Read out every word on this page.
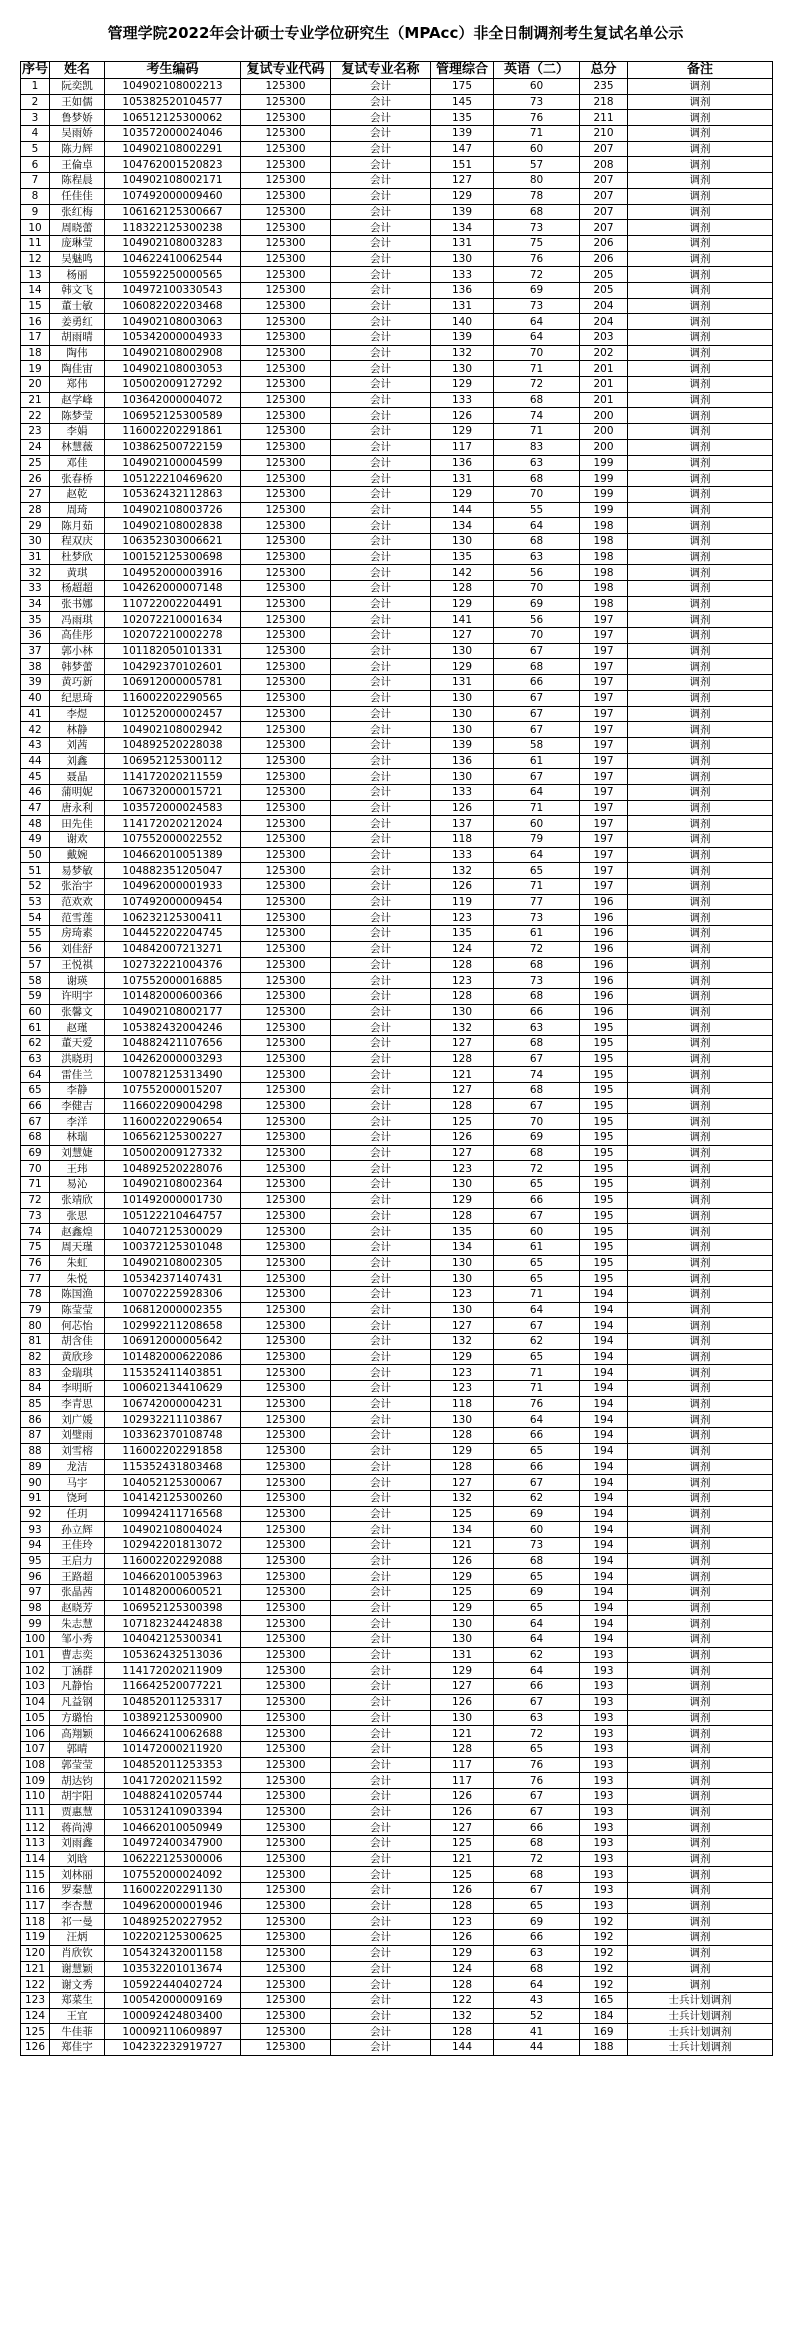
管理学院2022年会计硕士专业学位研究生（MPAcc）非全日制调剂考生复试名单公示
序号	姓名	考生编码	复试专业代码	复试专业名称	管理综合	英语（二）	总分	备注
1	阮奕凯	104902108002213	125300	会计	175	60	235	调剂
2	王如儒	105382520104577	125300	会计	145	73	218	调剂
3	鲁梦娇	106512125300062	125300	会计	135	76	211	调剂
4	吴雨娇	103572000024046	125300	会计	139	71	210	调剂
5	陈力辉	104902108002291	125300	会计	147	60	207	调剂
6	王倫卓	104762001520823	125300	会计	151	57	208	调剂
7	陈程晨	104902108002171	125300	会计	127	80	207	调剂
8	任佳佳	107492000009460	125300	会计	129	78	207	调剂
9	张红梅	106162125300667	125300	会计	139	68	207	调剂
10	周晓蕾	118322125300238	125300	会计	134	73	207	调剂
11	庞琳莹	104902108003283	125300	会计	131	75	206	调剂
12	吴魅鸣	104622410062544	125300	会计	130	76	206	调剂
13	杨丽	105592250000565	125300	会计	133	72	205	调剂
14	韩文飞	104972100330543	125300	会计	136	69	205	调剂
15	董士敏	106082202203468	125300	会计	131	73	204	调剂
16	姜勇红	104902108003063	125300	会计	140	64	204	调剂
17	胡雨晴	105342000004933	125300	会计	139	64	203	调剂
18	陶伟	104902108002908	125300	会计	132	70	202	调剂
19	陶佳宙	104902108003053	125300	会计	130	71	201	调剂
20	郑伟	105002009127292	125300	会计	129	72	201	调剂
21	赵学峰	103642000004072	125300	会计	133	68	201	调剂
22	陈梦莹	106952125300589	125300	会计	126	74	200	调剂
23	李娟	116002202291861	125300	会计	129	71	200	调剂
24	林慧薇	103862500722159	125300	会计	117	83	200	调剂
25	邓佳	104902100004599	125300	会计	136	63	199	调剂
26	张春桥	105122210469620	125300	会计	131	68	199	调剂
27	赵乾	105362432112863	125300	会计	129	70	199	调剂
28	周琦	104902108003726	125300	会计	144	55	199	调剂
29	陈月茹	104902108002838	125300	会计	134	64	198	调剂
30	程双庆	106352303006621	125300	会计	130	68	198	调剂
31	杜梦欣	100152125300698	125300	会计	135	63	198	调剂
32	黄琪	104952000003916	125300	会计	142	56	198	调剂
33	杨超超	104262000007148	125300	会计	128	70	198	调剂
34	张书娜	110722002204491	125300	会计	129	69	198	调剂
35	冯雨琪	102072210001634	125300	会计	141	56	197	调剂
36	高佳彤	102072210002278	125300	会计	127	70	197	调剂
37	郭小林	101182050101331	125300	会计	130	67	197	调剂
38	韩梦蕾	104292370102601	125300	会计	129	68	197	调剂
39	黄巧新	106912000005781	125300	会计	131	66	197	调剂
40	纪思琦	116002202290565	125300	会计	130	67	197	调剂
41	李煜	101252000002457	125300	会计	130	67	197	调剂
42	林静	104902108002942	125300	会计	130	67	197	调剂
43	刘茜	104892520228038	125300	会计	139	58	197	调剂
44	刘鑫	106952125300112	125300	会计	136	61	197	调剂
45	聂晶	114172020211559	125300	会计	130	67	197	调剂
46	蒲明妮	106732000015721	125300	会计	133	64	197	调剂
47	唐永利	103572000024583	125300	会计	126	71	197	调剂
48	田先佳	114172020212024	125300	会计	137	60	197	调剂
49	谢欢	107552000022552	125300	会计	118	79	197	调剂
50	戴婉	104662010051389	125300	会计	133	64	197	调剂
51	易梦敏	104882351205047	125300	会计	132	65	197	调剂
52	张治宇	104962000001933	125300	会计	126	71	197	调剂
53	范欢欢	107492000009454	125300	会计	119	77	196	调剂
54	范雪莲	106232125300411	125300	会计	123	73	196	调剂
55	房琦素	104452202204745	125300	会计	135	61	196	调剂
56	刘佳舒	104842007213271	125300	会计	124	72	196	调剂
57	王悦祺	102732221004376	125300	会计	128	68	196	调剂
58	谢瑛	107552000016885	125300	会计	123	73	196	调剂
59	许明宇	101482000600366	125300	会计	128	68	196	调剂
60	张馨文	104902108002177	125300	会计	130	66	196	调剂
61	赵瑾	105382432004246	125300	会计	132	63	195	调剂
62	董天爱	104882421107656	125300	会计	127	68	195	调剂
63	洪晓玥	104262000003293	125300	会计	128	67	195	调剂
64	雷佳兰	100782125313490	125300	会计	121	74	195	调剂
65	李静	107552000015207	125300	会计	127	68	195	调剂
66	李健吉	116602209004298	125300	会计	128	67	195	调剂
67	李洋	116002202290654	125300	会计	125	70	195	调剂
68	林瑞	106562125300227	125300	会计	126	69	195	调剂
69	刘慧婕	105002009127332	125300	会计	127	68	195	调剂
70	王玮	104892520228076	125300	会计	123	72	195	调剂
71	易沁	104902108002364	125300	会计	130	65	195	调剂
72	张靖欣	101492000001730	125300	会计	129	66	195	调剂
73	张思	105122210464757	125300	会计	128	67	195	调剂
74	赵鑫煌	104072125300029	125300	会计	135	60	195	调剂
75	周天瑾	100372125301048	125300	会计	134	61	195	调剂
76	朱虹	104902108002305	125300	会计	130	65	195	调剂
77	朱悦	105342371407431	125300	会计	130	65	195	调剂
78	陈国渔	100702225928306	125300	会计	123	71	194	调剂
79	陈莹莹	106812000002355	125300	会计	130	64	194	调剂
80	何芯怡	102992211208658	125300	会计	127	67	194	调剂
81	胡含佳	106912000005642	125300	会计	132	62	194	调剂
82	黄欣珍	101482000622086	125300	会计	129	65	194	调剂
83	金瑞琪	115352411403851	125300	会计	123	71	194	调剂
84	李明昕	100602134410629	125300	会计	123	71	194	调剂
85	李青思	106742000004231	125300	会计	118	76	194	调剂
86	刘广媛	102932211103867	125300	会计	130	64	194	调剂
87	刘璧雨	103362370108748	125300	会计	128	66	194	调剂
88	刘雪榕	116002202291858	125300	会计	129	65	194	调剂
89	龙洁	115352431803468	125300	会计	128	66	194	调剂
90	马宇	104052125300067	125300	会计	127	67	194	调剂
91	饶珂	104142125300260	125300	会计	132	62	194	调剂
92	任玥	109942411716568	125300	会计	125	69	194	调剂
93	孙立辉	104902108004024	125300	会计	134	60	194	调剂
94	王佳玲	102942201813072	125300	会计	121	73	194	调剂
95	王启力	116002202292088	125300	会计	126	68	194	调剂
96	王路超	104662010053963	125300	会计	129	65	194	调剂
97	张晶茜	101482000600521	125300	会计	125	69	194	调剂
98	赵晓芳	106952125300398	125300	会计	129	65	194	调剂
99	朱志慧	107182324424838	125300	会计	130	64	194	调剂
100	邹小秀	104042125300341	125300	会计	130	64	194	调剂
101	曹志奕	105362432513036	125300	会计	131	62	193	调剂
102	丁涵群	114172020211909	125300	会计	129	64	193	调剂
103	凡静怡	116642520077221	125300	会计	127	66	193	调剂
104	凡益钢	104852011253317	125300	会计	126	67	193	调剂
105	方璐怡	103892125300900	125300	会计	130	63	193	调剂
106	高翔颖	104662410062688	125300	会计	121	72	193	调剂
107	郭晴	101472000211920	125300	会计	128	65	193	调剂
108	郭莹莹	104852011253353	125300	会计	117	76	193	调剂
109	胡达钧	104172020211592	125300	会计	117	76	193	调剂
110	胡宇阳	104882410205744	125300	会计	126	67	193	调剂
111	贾惠慧	105312410903394	125300	会计	126	67	193	调剂
112	蒋尚溥	104662010050949	125300	会计	127	66	193	调剂
113	刘雨鑫	104972400347900	125300	会计	125	68	193	调剂
114	刘晗	106222125300006	125300	会计	121	72	193	调剂
115	刘林丽	107552000024092	125300	会计	125	68	193	调剂
116	罗秦慧	116002202291130	125300	会计	126	67	193	调剂
117	李杏慧	104962000001946	125300	会计	128	65	193	调剂
118	祁一曼	104892520227952	125300	会计	123	69	192	调剂
119	汪炳	102202125300625	125300	会计	126	66	192	调剂
120	肖欣钦	105432432001158	125300	会计	129	63	192	调剂
121	谢慧颖	103532201013674	125300	会计	124	68	192	调剂
122	谢文秀	105922440402724	125300	会计	128	64	192	调剂
123	郑菜生	100542000009169	125300	会计	122	43	165	士兵计划调剂
124	王宜	100092424803400	125300	会计	132	52	184	士兵计划调剂
125	牛佳菲	100092110609897	125300	会计	128	41	169	士兵计划调剂
126	郑佳宇	104232232919727	125300	会计	144	44	188	士兵计划调剂
